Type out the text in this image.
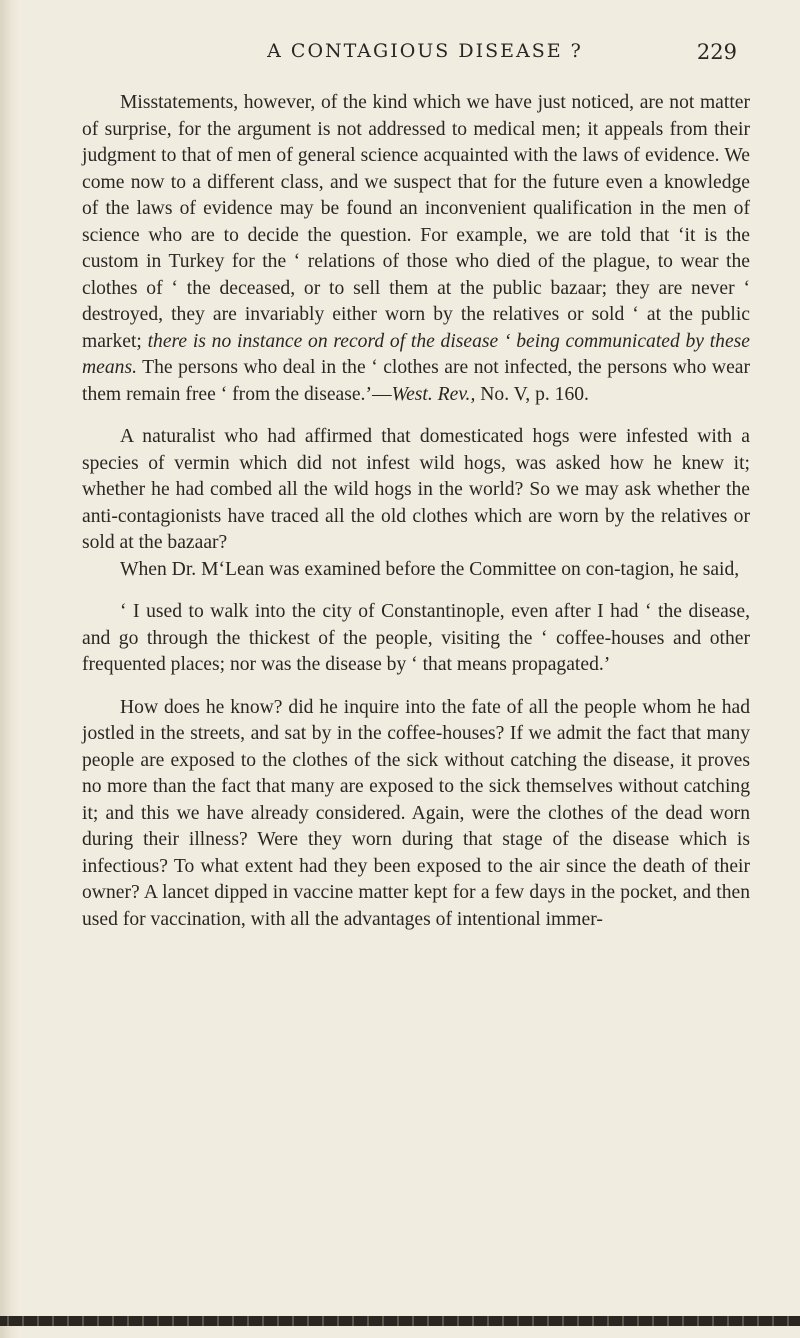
A CONTAGIOUS DISEASE ?	229

Misstatements, however, of the kind which we have just noticed, are not matter of surprise, for the argument is not addressed to medical men; it appeals from their judgment to that of men of general science acquainted with the laws of evidence. We come now to a different class, and we suspect that for the future even a knowledge of the laws of evidence may be found an inconvenient qualification in the men of science who are to decide the question. For example, we are told that ‘it is the custom in Turkey for the ‘ relations of those who died of the plague, to wear the clothes of ‘ the deceased, or to sell them at the public bazaar; they are never ‘ destroyed, they are invariably either worn by the relatives or sold ‘ at the public market; there is no instance on record of the disease ‘ being communicated by these means. The persons who deal in the ‘ clothes are not infected, the persons who wear them remain free ‘ from the disease.’—West. Rev., No. V, p. 160.

A naturalist who had affirmed that domesticated hogs were infested with a species of vermin which did not infest wild hogs, was asked how he knew it; whether he had combed all the wild hogs in the world? So we may ask whether the anti-contagionists have traced all the old clothes which are worn by the relatives or sold at the bazaar?

When Dr. M‘Lean was examined before the Committee on con-tagion, he said,

‘ I used to walk into the city of Constantinople, even after I had ‘ the disease, and go through the thickest of the people, visiting the ‘ coffee-houses and other frequented places; nor was the disease by ‘ that means propagated.’

How does he know? did he inquire into the fate of all the people whom he had jostled in the streets, and sat by in the coffee-houses? If we admit the fact that many people are exposed to the clothes of the sick without catching the disease, it proves no more than the fact that many are exposed to the sick themselves without catching it; and this we have already considered. Again, were the clothes of the dead worn during their illness? Were they worn during that stage of the disease which is infectious? To what extent had they been exposed to the air since the death of their owner? A lancet dipped in vaccine matter kept for a few days in the pocket, and then used for vaccination, with all the advantages of intentional immer-
